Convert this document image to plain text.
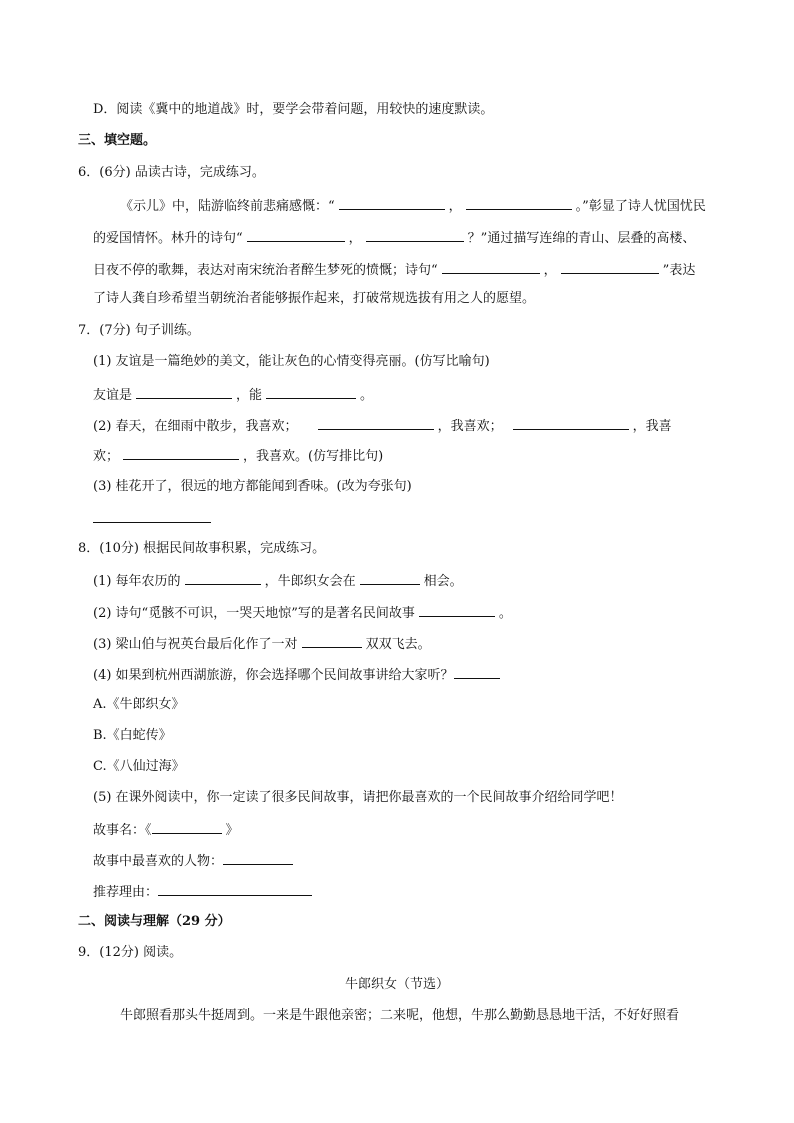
D．阅读《冀中的地道战》时，要学会带着问题，用较快的速度默读。
三、填空题。
6．(6分) 品读古诗，完成练习。
《示儿》中，陆游临终前悲痛感慨：“	，	。”彰显了诗人忧国忧民
的爱国情怀。林升的诗句“	，	？”通过描写连绵的青山、层叠的高楼、
日夜不停的歌舞，表达对南宋统治者醉生梦死的愤慨；诗句“	，	”表达
了诗人龚自珍希望当朝统治者能够振作起来，打破常规选拔有用之人的愿望。
7．(7分) 句子训练。
(1) 友谊是一篇绝妙的美文，能让灰色的心情变得亮丽。(仿写比喻句)
友谊是	，能	。
(2) 春天，在细雨中散步，我喜欢；	，我喜欢；	，我喜
欢；	，我喜欢。(仿写排比句)
(3) 桂花开了，很远的地方都能闻到香味。(改为夸张句)
8．(10分) 根据民间故事积累，完成练习。
(1) 每年农历的	，牛郎织女会在	相会。
(2) 诗句“觅骸不可识，一哭天地惊”写的是著名民间故事	。
(3) 梁山伯与祝英台最后化作了一对	双双飞去。
(4) 如果到杭州西湖旅游，你会选择哪个民间故事讲给大家听？
A.《牛郎织女》
B.《白蛇传》
C.《八仙过海》
(5) 在课外阅读中，你一定读了很多民间故事，请把你最喜欢的一个民间故事介绍给同学吧！
故事名：《	》
故事中最喜欢的人物：
推荐理由：
二、阅读与理解（29 分）
9．(12分) 阅读。
牛郎织女（节选）
牛郎照看那头牛挺周到。一来是牛跟他亲密；二来呢，他想，牛那么勤勤恳恳地干活，不好好照看
